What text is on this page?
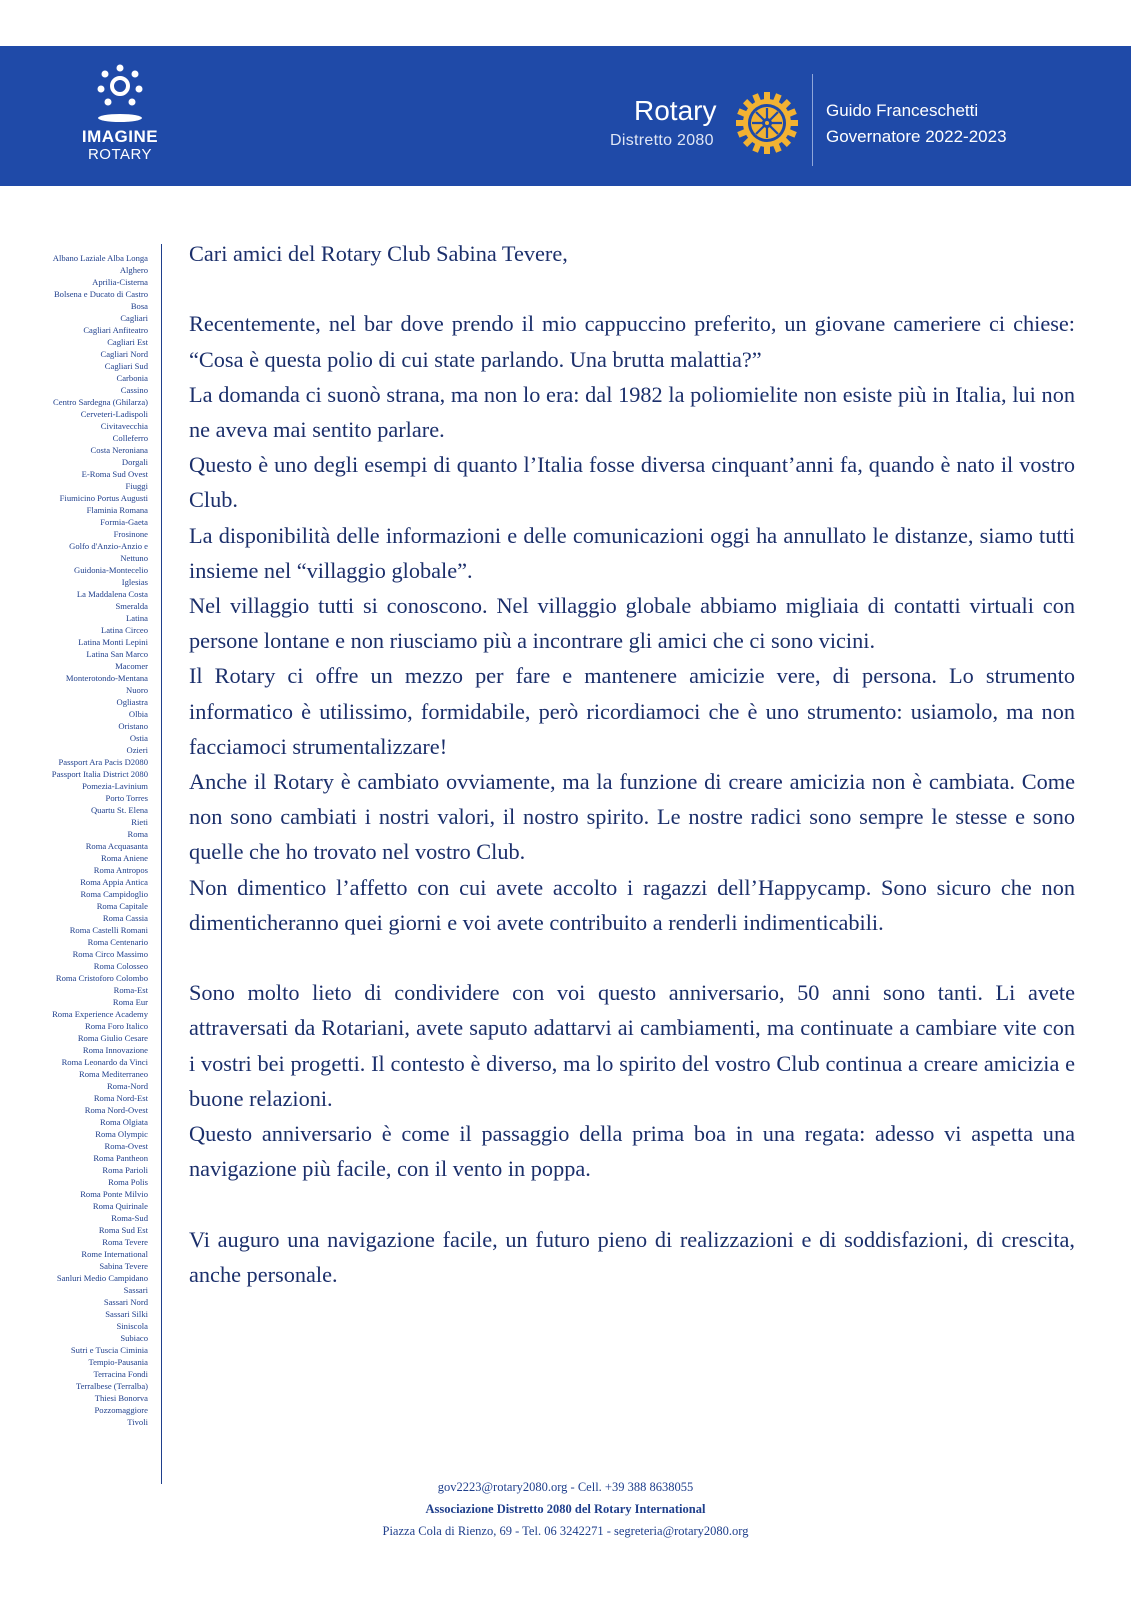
IMAGINE
ROTARY
Rotary
Distretto 2080
Guido Franceschetti
Governatore 2022-2023
Albano Laziale Alba Longa
Alghero
Aprilia-Cisterna
Bolsena e Ducato di Castro
Bosa
Cagliari
Cagliari Anfiteatro
Cagliari Est
Cagliari Nord
Cagliari Sud
Carbonia
Cassino
Centro Sardegna (Ghilarza)
Cerveteri-Ladispoli
Civitavecchia
Colleferro
Costa Neroniana
Dorgali
E-Roma Sud Ovest
Fiuggi
Fiumicino Portus Augusti
Flaminia Romana
Formia-Gaeta
Frosinone
Golfo d'Anzio-Anzio e
Nettuno
Guidonia-Montecelio
Iglesias
La Maddalena Costa
Smeralda
Latina
Latina Circeo
Latina Monti Lepini
Latina San Marco
Macomer
Monterotondo-Mentana
Nuoro
Ogliastra
Olbia
Oristano
Ostia
Ozieri
Passport Ara Pacis D2080
Passport Italia District 2080
Pomezia-Lavinium
Porto Torres
Quartu St. Elena
Rieti
Roma
Roma Acquasanta
Roma Aniene
Roma Antropos
Roma Appia Antica
Roma Campidoglio
Roma Capitale
Roma Cassia
Roma Castelli Romani
Roma Centenario
Roma Circo Massimo
Roma Colosseo
Roma Cristoforo Colombo
Roma-Est
Roma Eur
Roma Experience Academy
Roma Foro Italico
Roma Giulio Cesare
Roma Innovazione
Roma Leonardo da Vinci
Roma Mediterraneo
Roma-Nord
Roma Nord-Est
Roma Nord-Ovest
Roma Olgiata
Roma Olympic
Roma-Ovest
Roma Pantheon
Roma Parioli
Roma Polis
Roma Ponte Milvio
Roma Quirinale
Roma-Sud
Roma Sud Est
Roma Tevere
Rome International
Sabina Tevere
Sanluri Medio Campidano
Sassari
Sassari Nord
Sassari Silki
Siniscola
Subiaco
Sutri e Tuscia Ciminia
Tempio-Pausania
Terracina Fondi
Terralbese (Terralba)
Thiesi Bonorva
Pozzomaggiore
Tivoli

Cari amici del Rotary Club Sabina Tevere,

Recentemente, nel bar dove prendo il mio cappuccino preferito, un giovane cameriere ci chiese: “Cosa è questa polio di cui state parlando. Una brutta malattia?”

La domanda ci suonò strana, ma non lo era: dal 1982 la poliomielite non esiste più in Italia, lui non ne aveva mai sentito parlare.

Questo è uno degli esempi di quanto l’Italia fosse diversa cinquant’anni fa, quando è nato il vostro Club.

La disponibilità delle informazioni e delle comunicazioni oggi ha annullato le distanze, siamo tutti insieme nel “villaggio globale”.

Nel villaggio tutti si conoscono. Nel villaggio globale abbiamo migliaia di contatti virtuali con persone lontane e non riusciamo più a incontrare gli amici che ci sono vicini.

Il Rotary ci offre un mezzo per fare e mantenere amicizie vere, di persona. Lo strumento informatico è utilissimo, formidabile, però ricordiamoci che è uno strumento: usiamolo, ma non facciamoci strumentalizzare!

Anche il Rotary è cambiato ovviamente, ma la funzione di creare amicizia non è cambiata. Come non sono cambiati i nostri valori, il nostro spirito. Le nostre radici sono sempre le stesse e sono quelle che ho trovato nel vostro Club.

Non dimentico l’affetto con cui avete accolto i ragazzi dell’Happycamp. Sono sicuro che non dimenticheranno quei giorni e voi avete contribuito a renderli indimenticabili.

Sono molto lieto di condividere con voi questo anniversario, 50 anni sono tanti. Li avete attraversati da Rotariani, avete saputo adattarvi ai cambiamenti, ma continuate a cambiare vite con i vostri bei progetti. Il contesto è diverso, ma lo spirito del vostro Club continua a creare amicizia e buone relazioni.

Questo anniversario è come il passaggio della prima boa in una regata: adesso vi aspetta una navigazione più facile, con il vento in poppa.

Vi auguro una navigazione facile, un futuro pieno di realizzazioni e di soddisfazioni, di crescita, anche personale.

gov2223@rotary2080.org - Cell. +39 388 8638055
Associazione Distretto 2080 del Rotary International
Piazza Cola di Rienzo, 69 - Tel. 06 3242271 - segreteria@rotary2080.org
